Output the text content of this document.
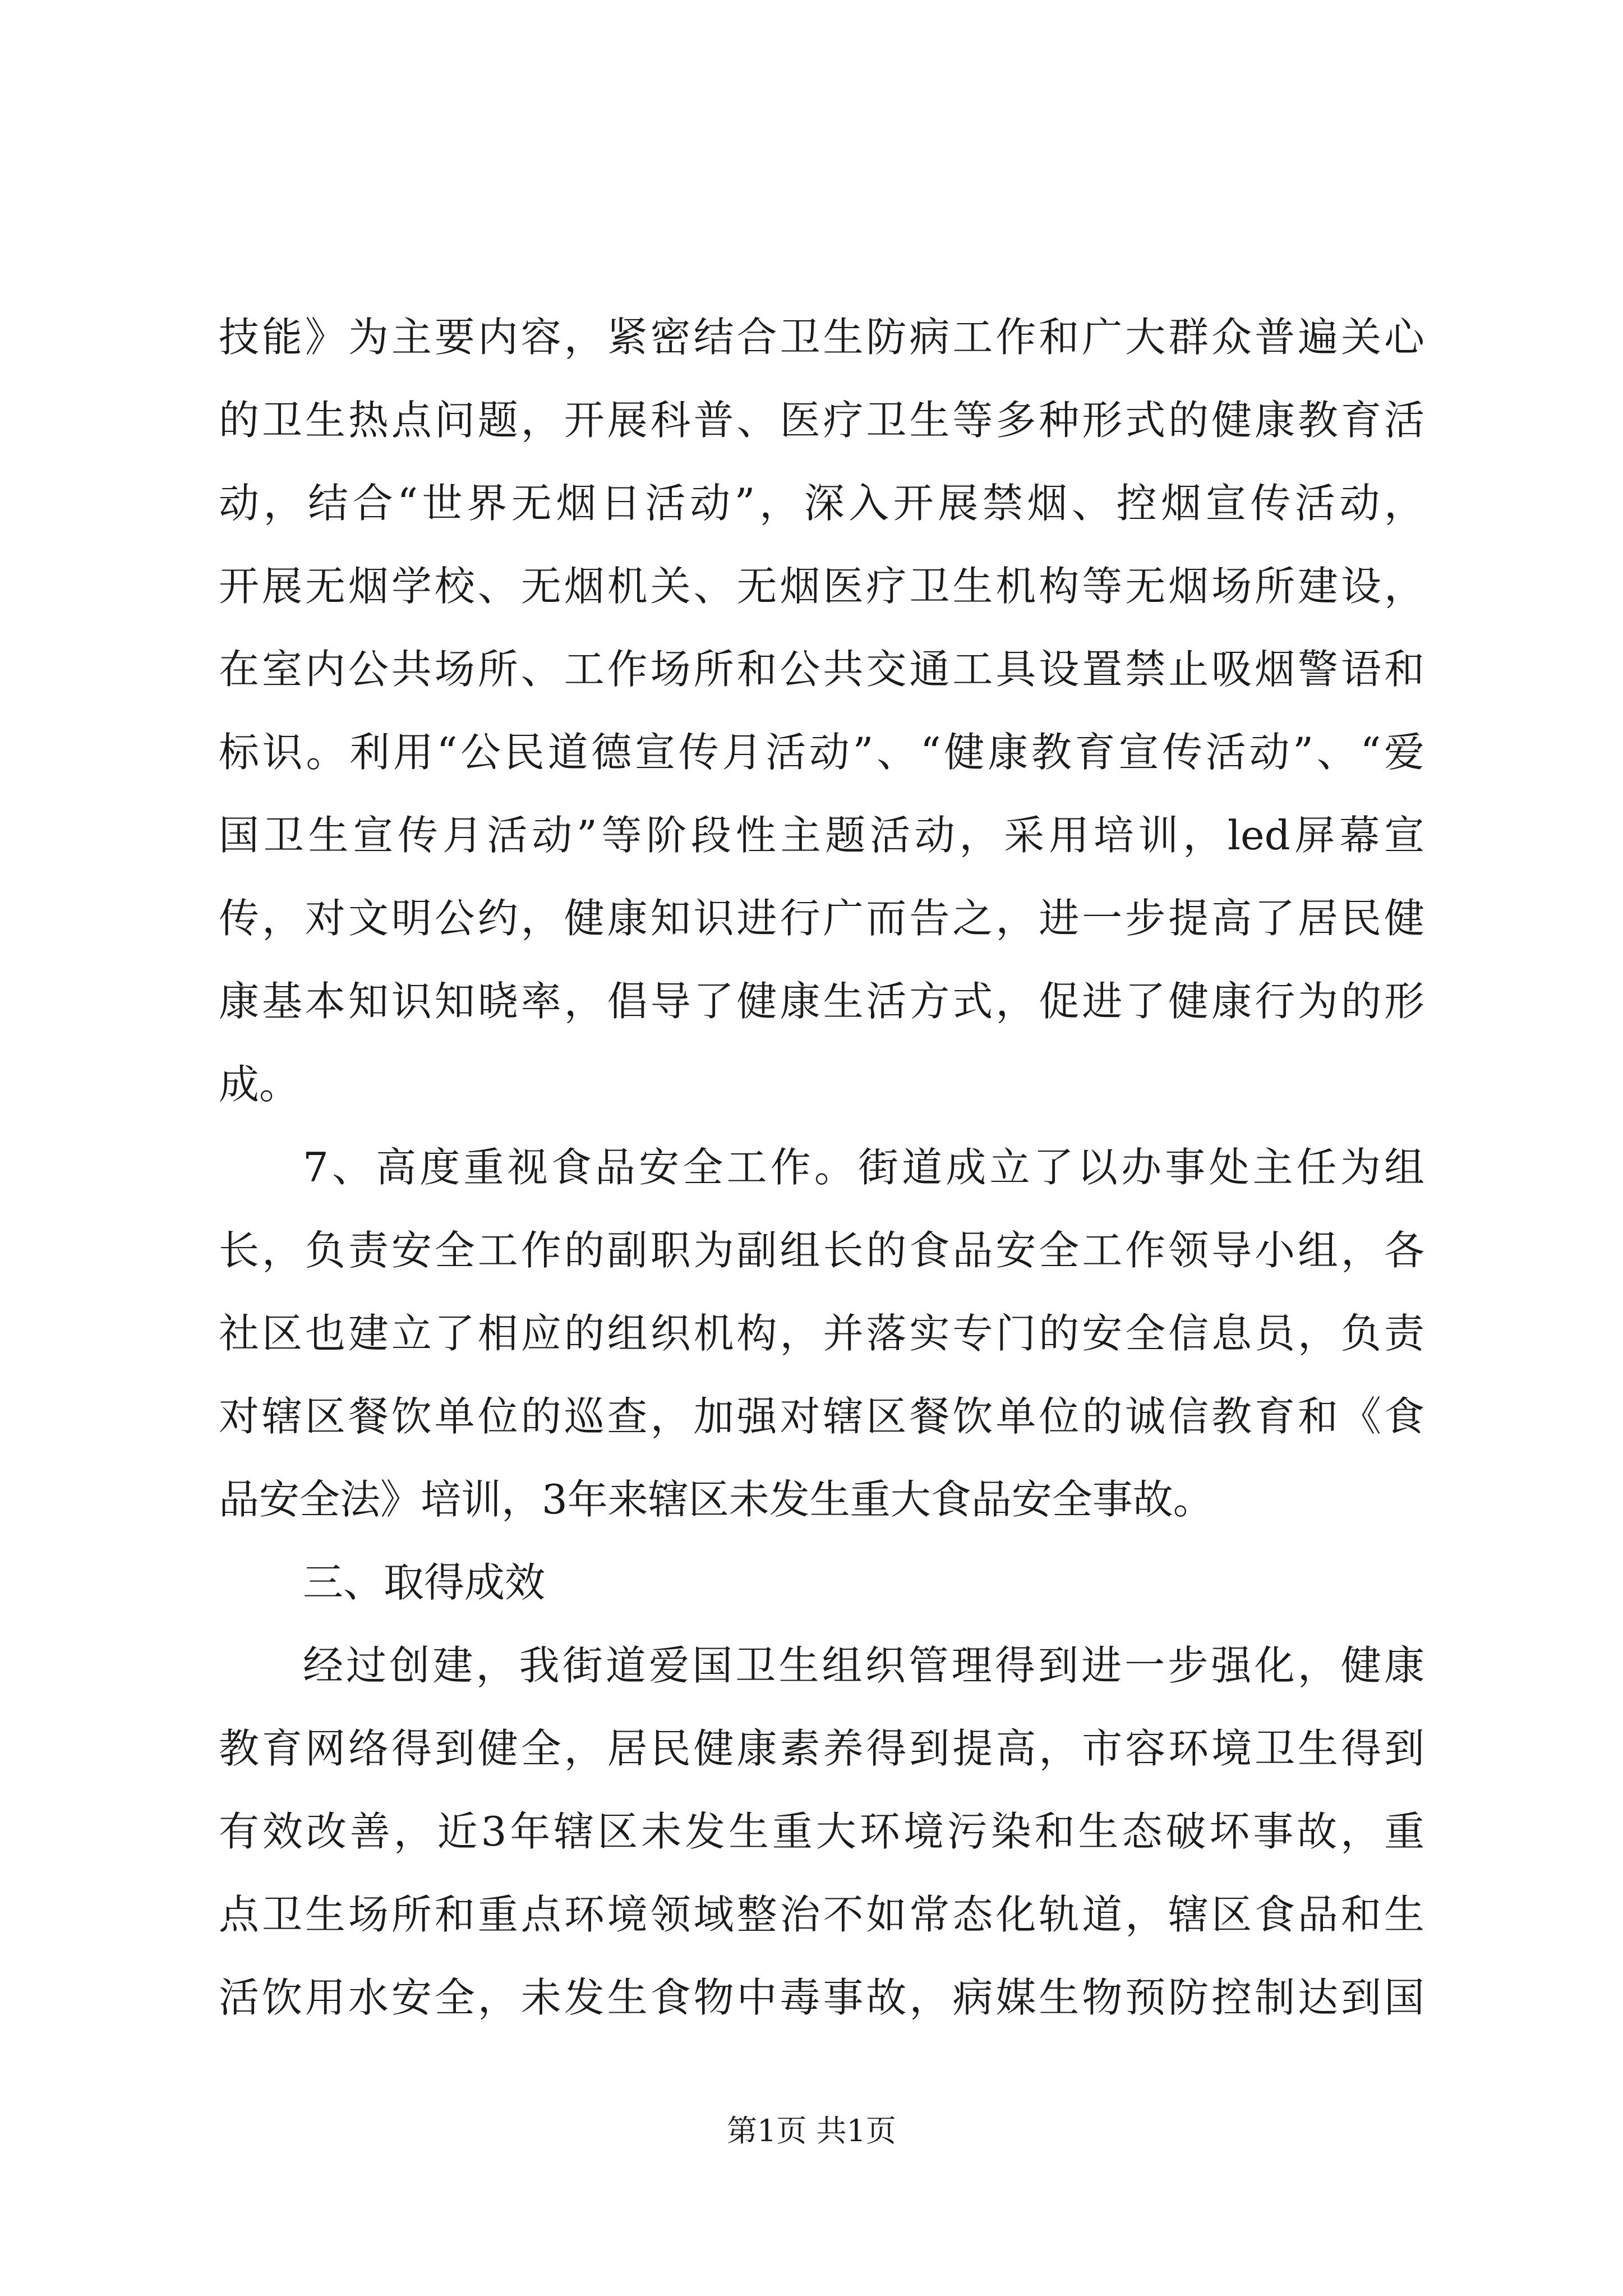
技能》为主要内容，紧密结合卫生防病工作和广大群众普遍关心
的卫生热点问题，开展科普、医疗卫生等多种形式的健康教育活
动，结合“世界无烟日活动”，深入开展禁烟、控烟宣传活动，
开展无烟学校、无烟机关、无烟医疗卫生机构等无烟场所建设，
在室内公共场所、工作场所和公共交通工具设置禁止吸烟警语和
标识。利用“公民道德宣传月活动”、“健康教育宣传活动”、“爱
国卫生宣传月活动”等阶段性主题活动，采用培训，led屏幕宣
传，对文明公约，健康知识进行广而告之，进一步提高了居民健
康基本知识知晓率，倡导了健康生活方式，促进了健康行为的形
成。
7、高度重视食品安全工作。街道成立了以办事处主任为组
长，负责安全工作的副职为副组长的食品安全工作领导小组，各
社区也建立了相应的组织机构，并落实专门的安全信息员，负责
对辖区餐饮单位的巡查，加强对辖区餐饮单位的诚信教育和《食
品安全法》培训，3年来辖区未发生重大食品安全事故。
三、取得成效
经过创建，我街道爱国卫生组织管理得到进一步强化，健康
教育网络得到健全，居民健康素养得到提高，市容环境卫生得到
有效改善，近3年辖区未发生重大环境污染和生态破坏事故，重
点卫生场所和重点环境领域整治不如常态化轨道，辖区食品和生
活饮用水安全，未发生食物中毒事故，病媒生物预防控制达到国
第1页 共1页
